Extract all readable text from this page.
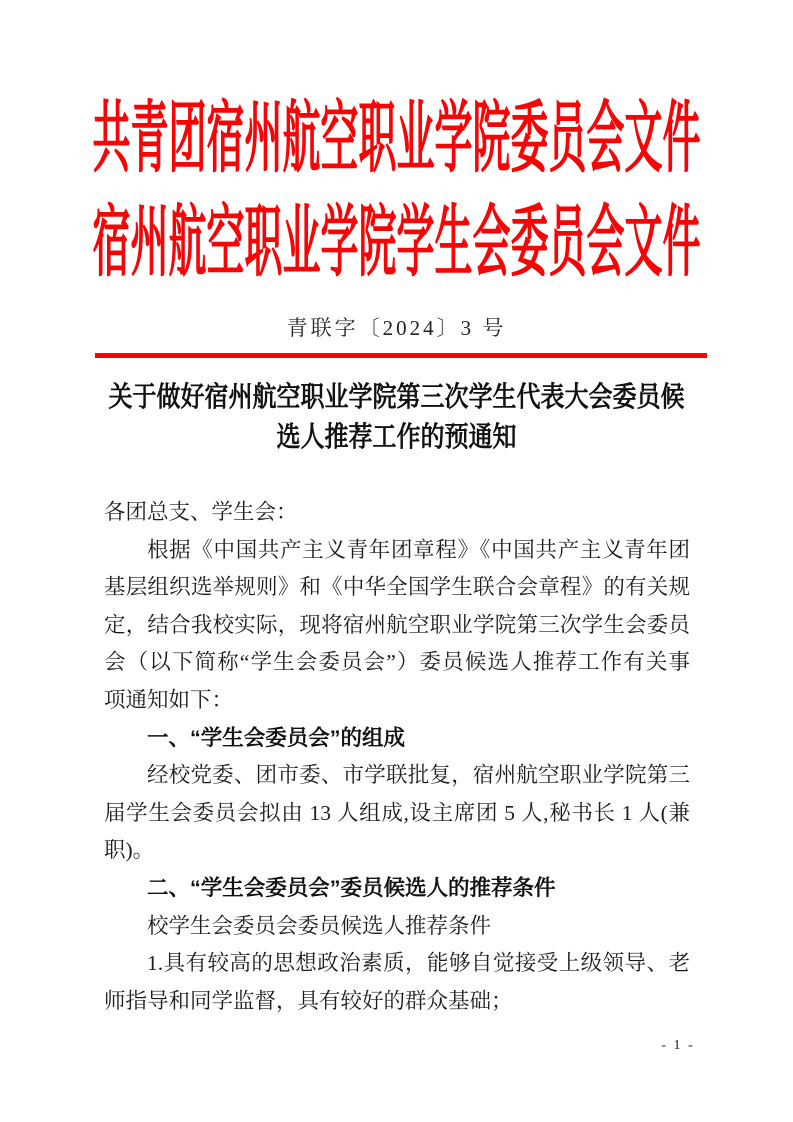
共青团宿州航空职业学院委员会文件
宿州航空职业学院学生会委员会文件
青联字〔2024〕3 号
关于做好宿州航空职业学院第三次学生代表大会委员候
选人推荐工作的预通知
各团总支、学生会：
根据《中国共产主义青年团章程》《中国共产主义青年团
基层组织选举规则》和《中华全国学生联合会章程》的有关规
定，结合我校实际，现将宿州航空职业学院第三次学生会委员
会（以下简称“学生会委员会”）委员候选人推荐工作有关事
项通知如下：
一、“学生会委员会”的组成
经校党委、团市委、市学联批复，宿州航空职业学院第三
届学生会委员会拟由 13 人组成,设主席团 5 人,秘书长 1 人(兼
职)。
二、“学生会委员会”委员候选人的推荐条件
校学生会委员会委员候选人推荐条件
1.具有较高的思想政治素质，能够自觉接受上级领导、老
师指导和同学监督，具有较好的群众基础；
- 1 -
